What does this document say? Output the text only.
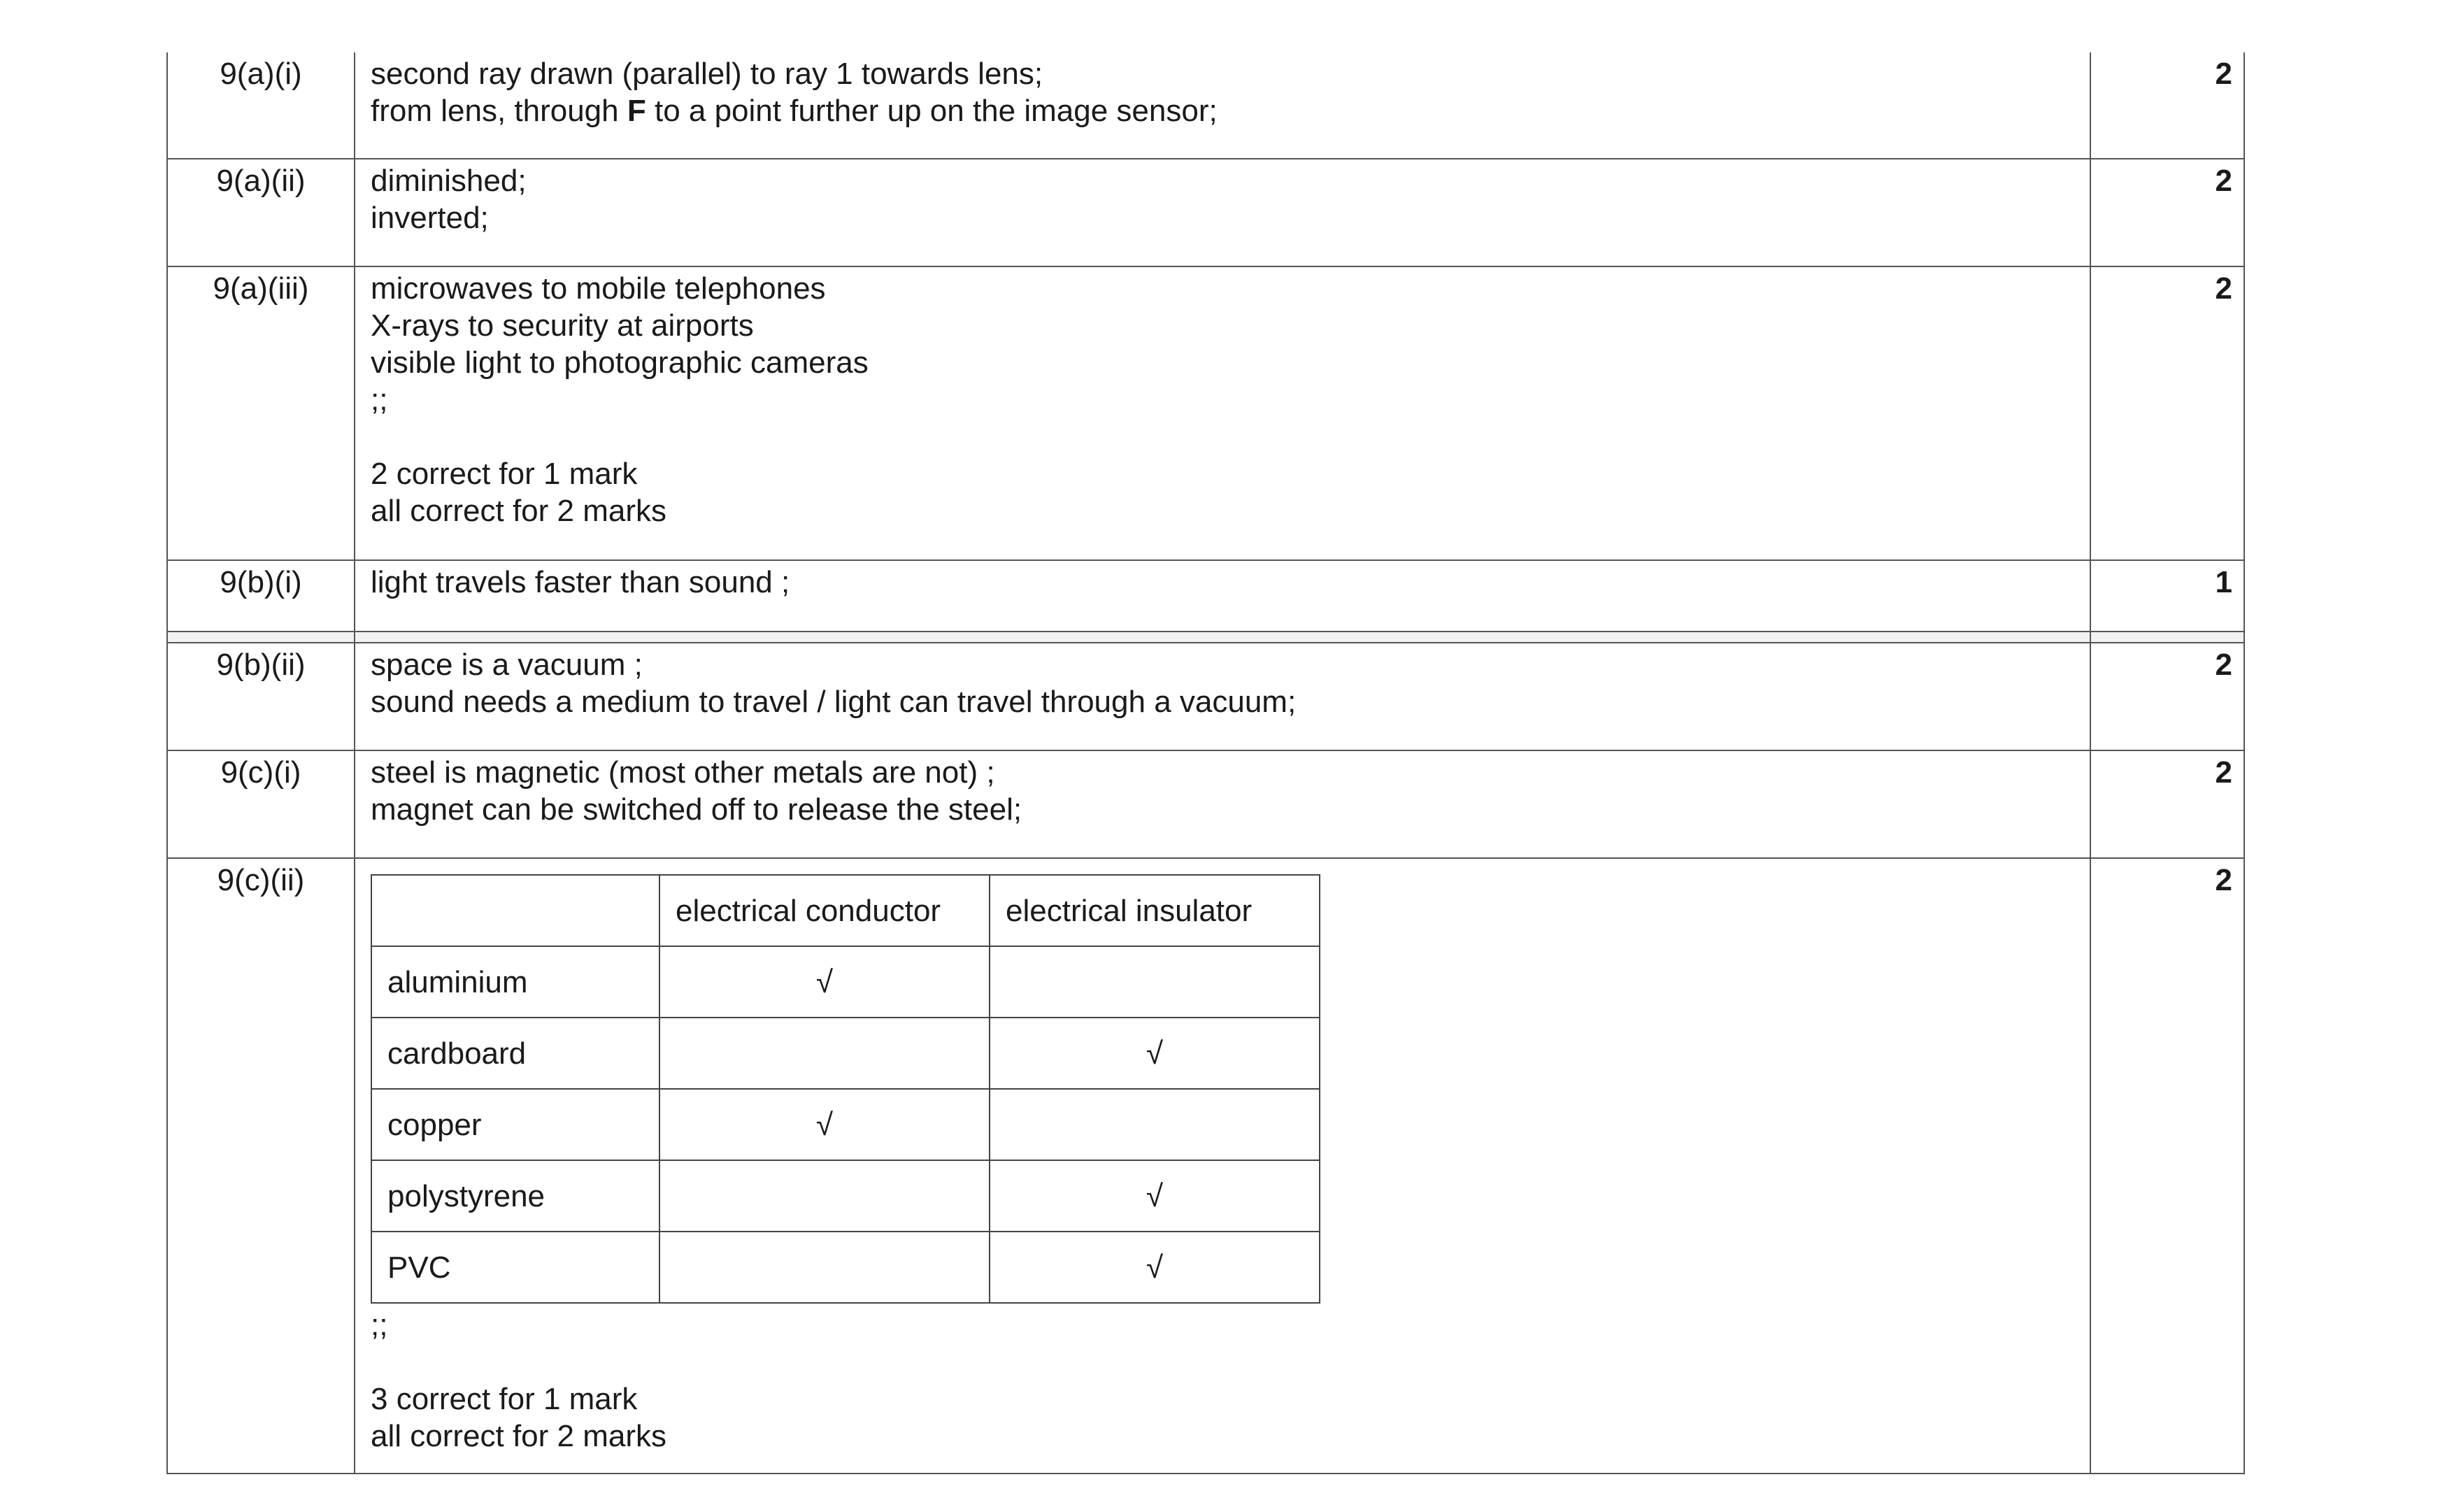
9(a)(i)	second ray drawn (parallel) to ray 1 towards lens;
from lens, through F to a point further up on the image sensor;
	2
9(a)(ii)	diminished;
inverted;
	2
9(a)(iii)	microwaves to mobile telephones
X-rays to security at airports
visible light to photographic cameras
;;
2 correct for 1 mark
all correct for 2 marks
	2
9(b)(i)	light travels faster than sound ;	1

9(b)(ii)	space is a vacuum ;
sound needs a medium to travel / light can travel through a vacuum;
	2
9(c)(i)	steel is magnetic (most other metals are not) ;
magnet can be switched off to release the steel;
	2
9(c)(ii)	
	electrical conductor	electrical insulator
aluminium	√	
cardboard		√
copper	√	
polystyrene		√
PVC		√
;;
3 correct for 1 mark
all correct for 2 marks
	2
